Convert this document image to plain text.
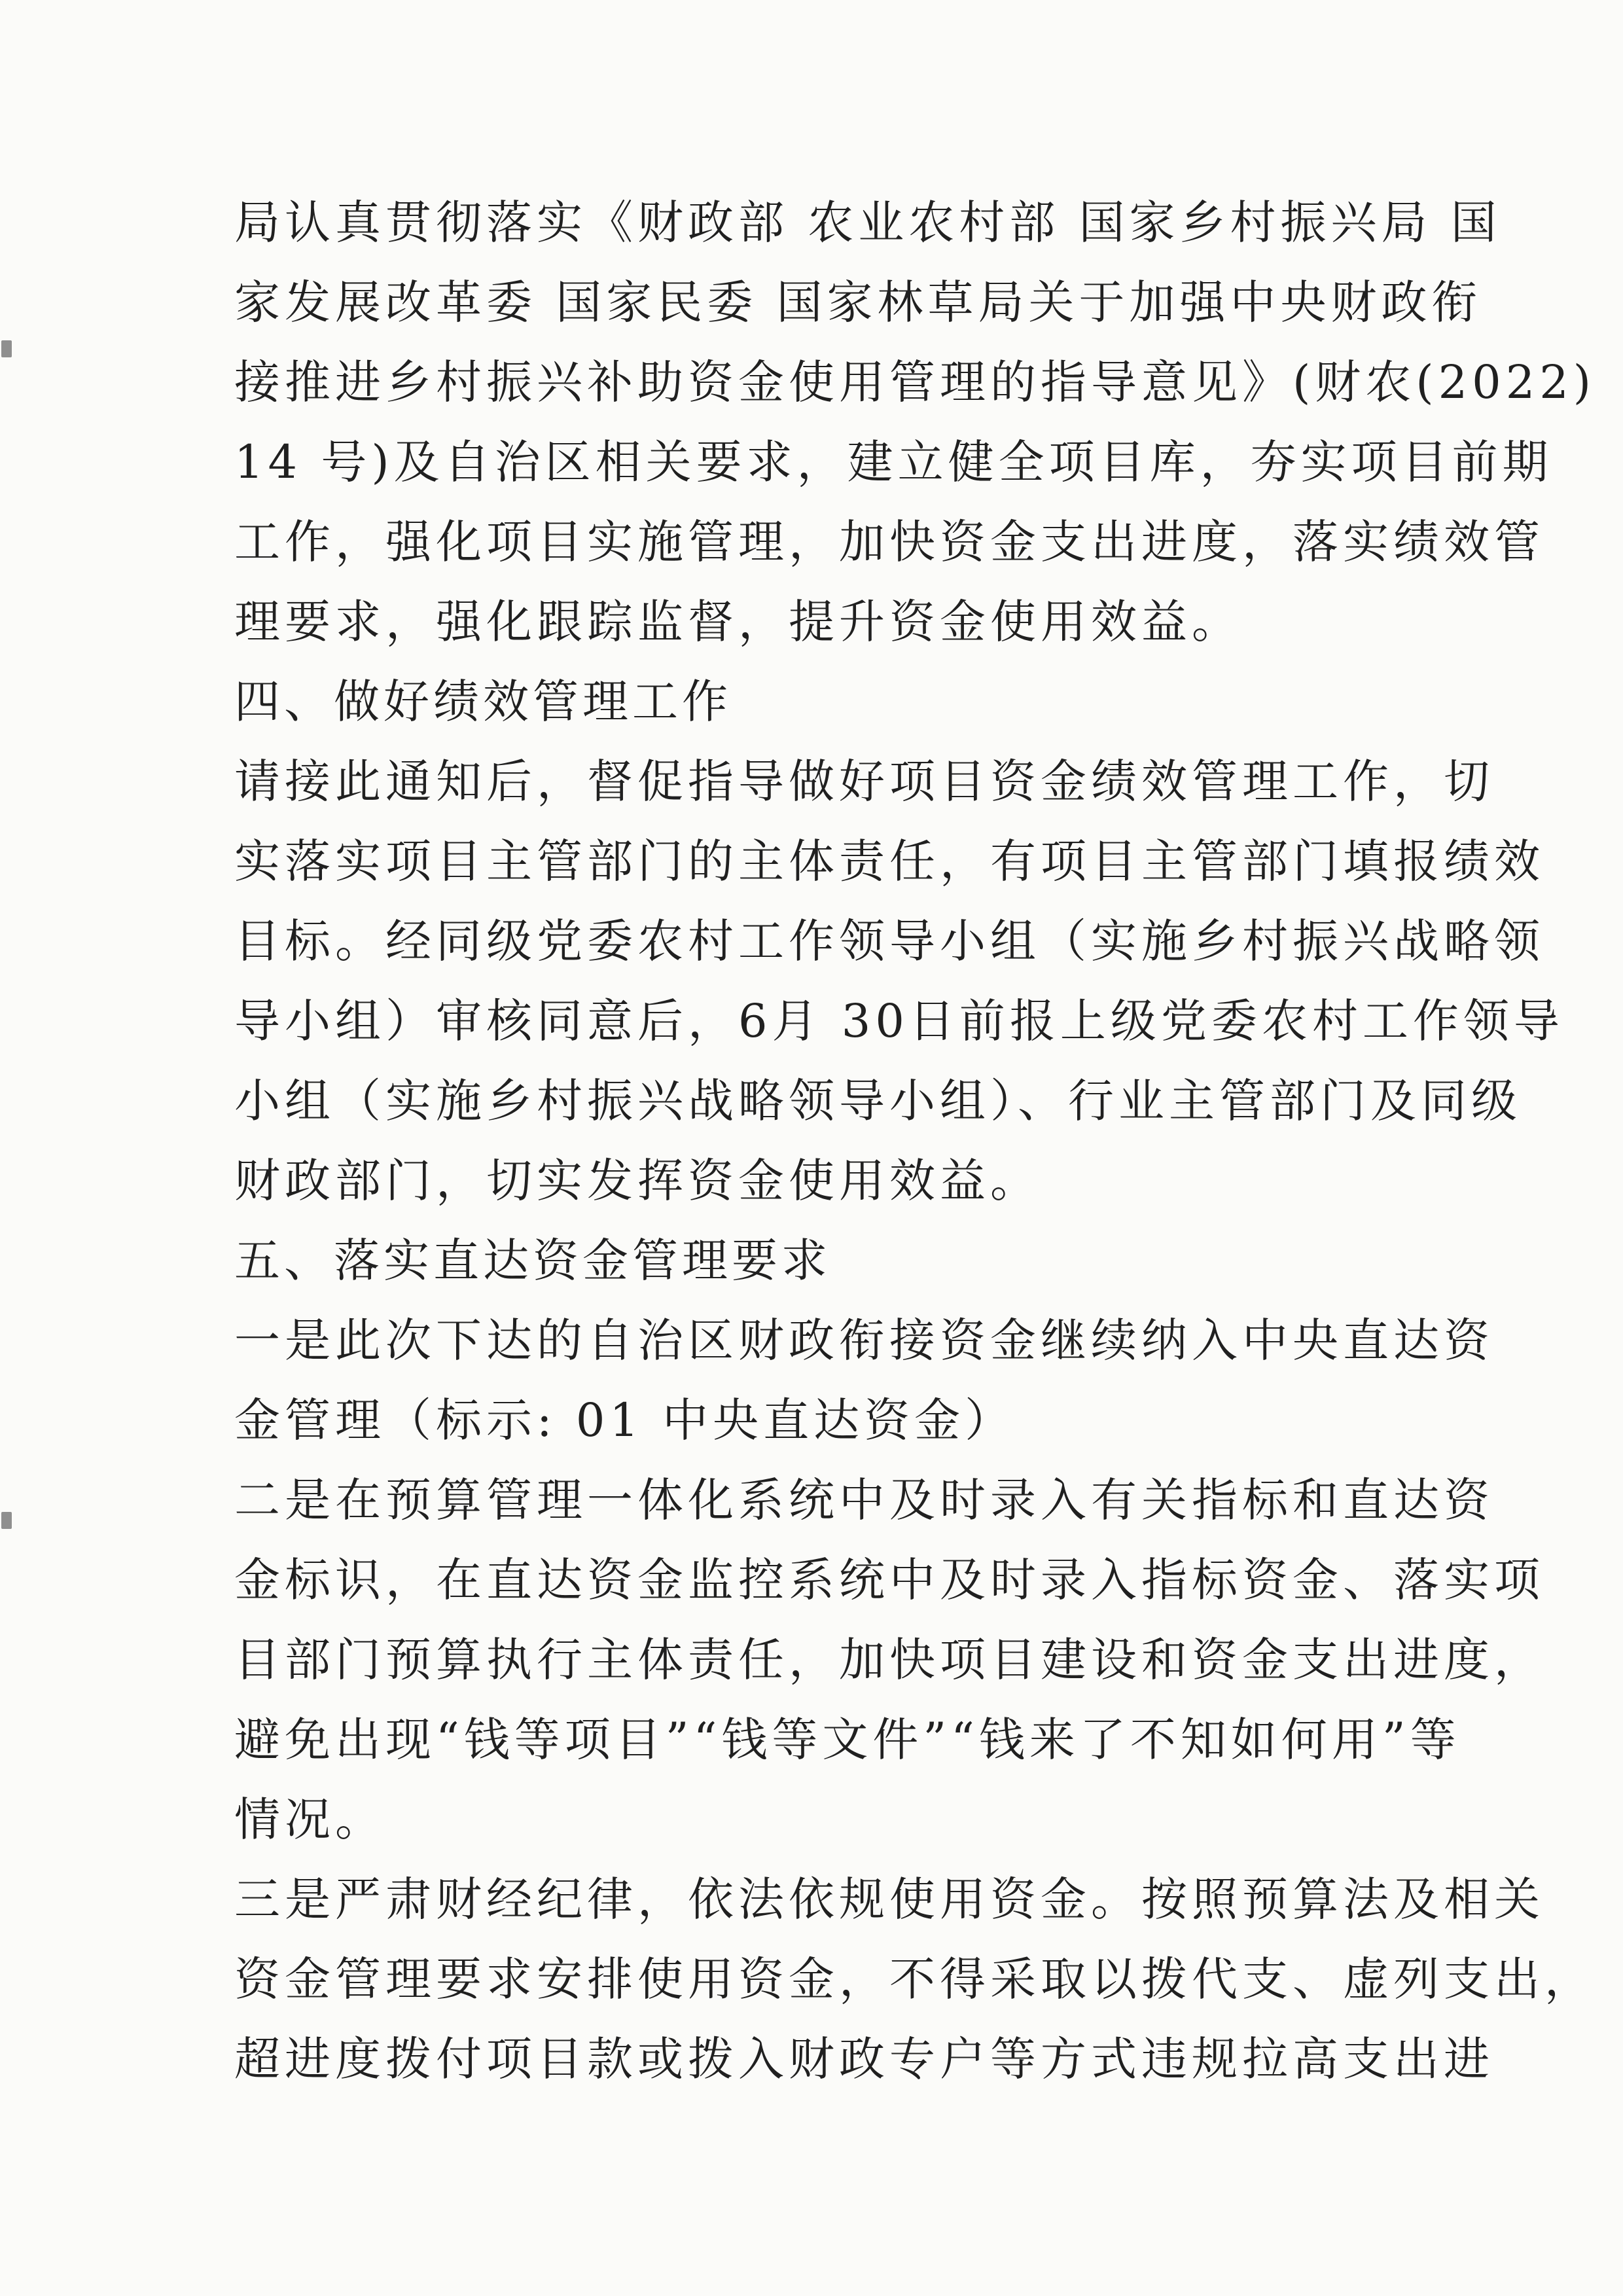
局认真贯彻落实《财政部 农业农村部 国家乡村振兴局 国
家发展改革委 国家民委 国家林草局关于加强中央财政衔
接推进乡村振兴补助资金使用管理的指导意见》(财农(2022)
14 号)及自治区相关要求，建立健全项目库，夯实项目前期
工作，强化项目实施管理，加快资金支出进度，落实绩效管
理要求，强化跟踪监督，提升资金使用效益。
四、做好绩效管理工作
请接此通知后，督促指导做好项目资金绩效管理工作，切
实落实项目主管部门的主体责任，有项目主管部门填报绩效
目标。经同级党委农村工作领导小组（实施乡村振兴战略领
导小组）审核同意后，6月 30日前报上级党委农村工作领导
小组（实施乡村振兴战略领导小组）、行业主管部门及同级
财政部门，切实发挥资金使用效益。
五、落实直达资金管理要求
一是此次下达的自治区财政衔接资金继续纳入中央直达资
金管理（标示: 01 中央直达资金）
二是在预算管理一体化系统中及时录入有关指标和直达资
金标识，在直达资金监控系统中及时录入指标资金、落实项
目部门预算执行主体责任，加快项目建设和资金支出进度，
避免出现“钱等项目”“钱等文件”“钱来了不知如何用”等
情况。
三是严肃财经纪律，依法依规使用资金。按照预算法及相关
资金管理要求安排使用资金，不得采取以拨代支、虚列支出，
超进度拨付项目款或拨入财政专户等方式违规拉高支出进
